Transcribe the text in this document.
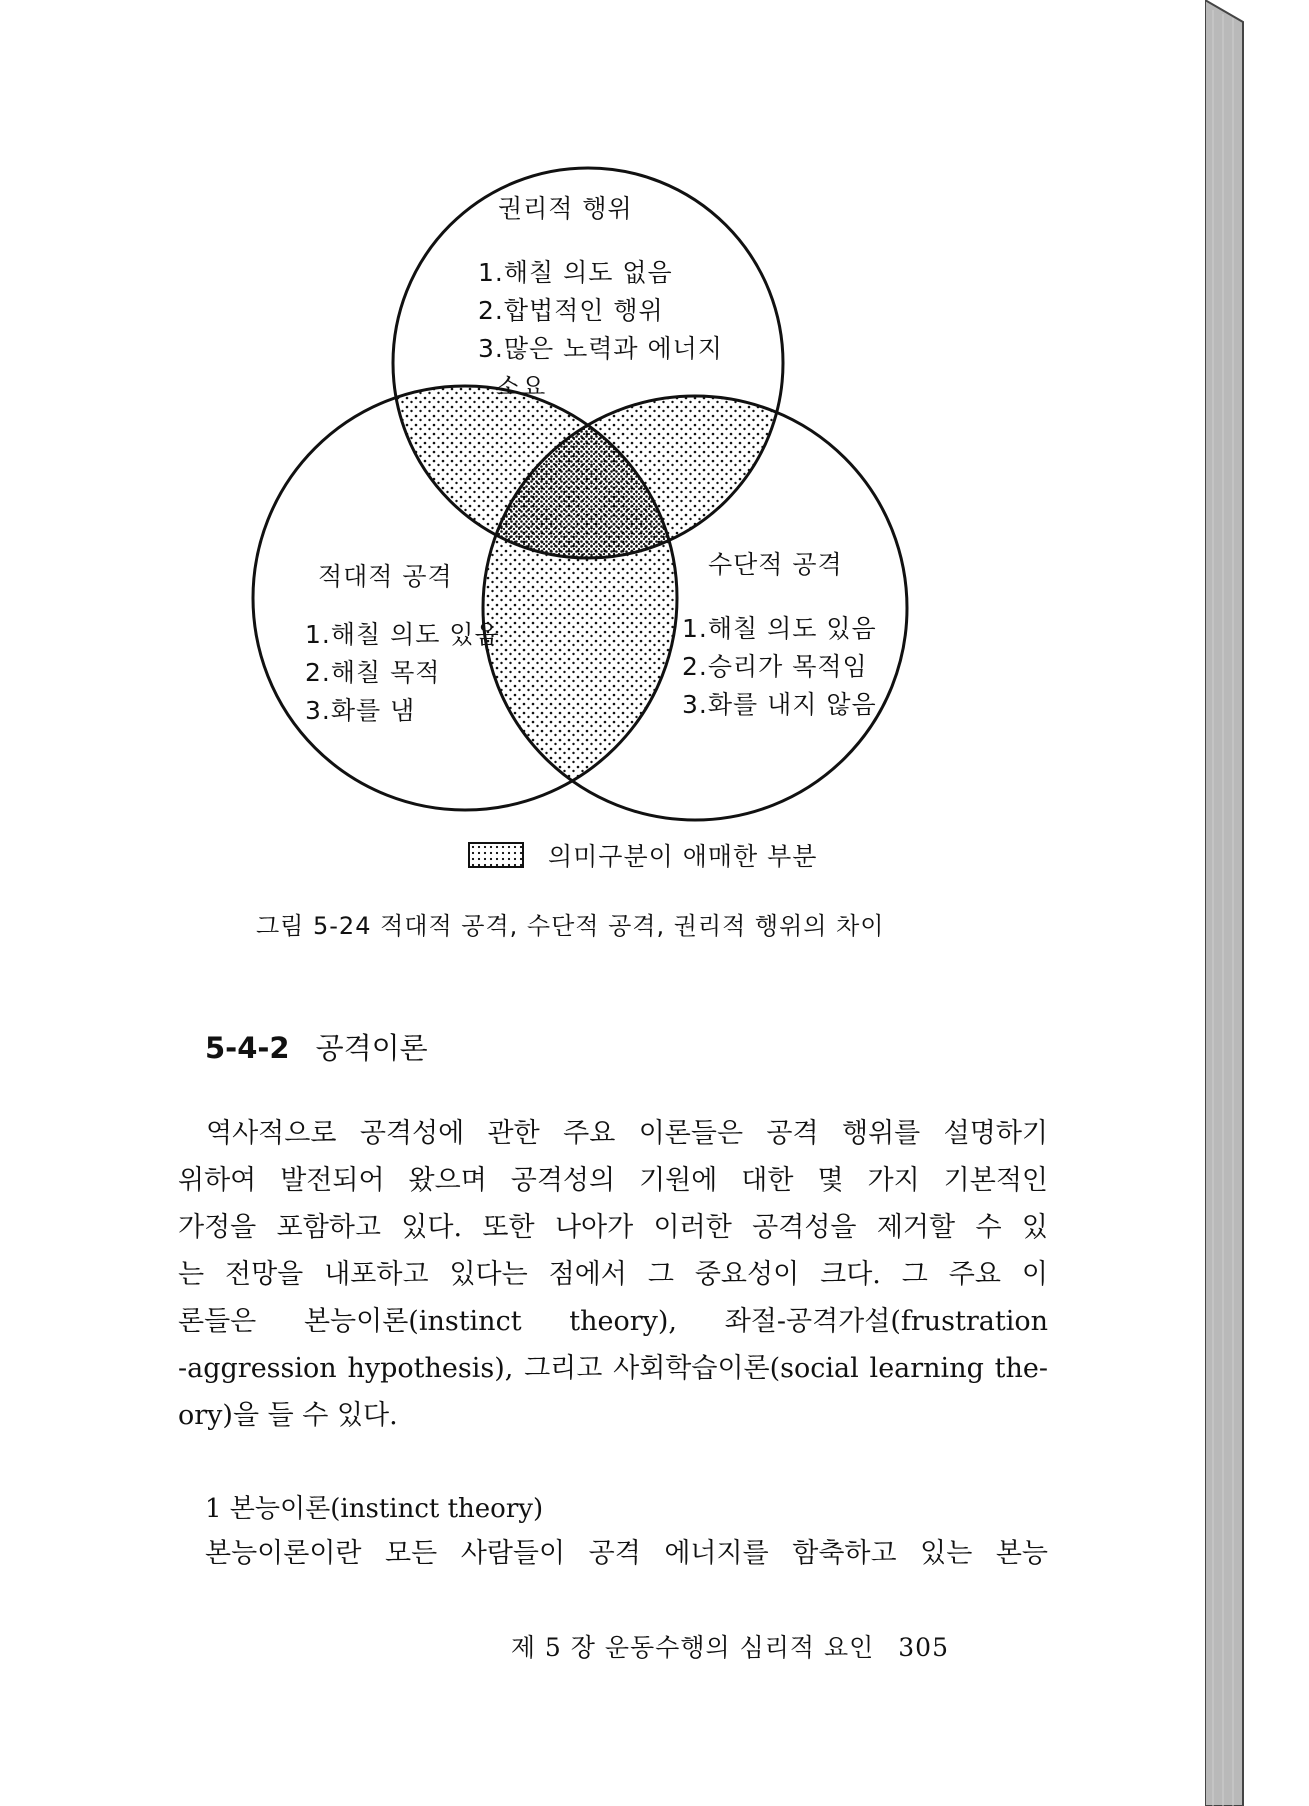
권리적 행위
1.해칠 의도 없음
2.합법적인 행위
3.많은 노력과 에너지
소요
적대적 공격
1.해칠 의도 있음
2.해칠 목적
3.화를 냄
수단적 공격
1.해칠 의도 있음
2.승리가 목적임
3.화를 내지 않음
의미구분이 애매한 부분
그림 5-24 적대적 공격, 수단적 공격, 권리적 행위의 차이
5-4-2 공격이론
역사적으로 공격성에 관한 주요 이론들은 공격 행위를 설명하기
위하여 발전되어 왔으며 공격성의 기원에 대한 몇 가지 기본적인
가정을 포함하고 있다. 또한 나아가 이러한 공격성을 제거할 수 있
는 전망을 내포하고 있다는 점에서 그 중요성이 크다. 그 주요 이
론들은 본능이론(instinct theory), 좌절-공격가설(frustration
-aggression hypothesis), 그리고 사회학습이론(social learning the-
ory)을 들 수 있다.
1 본능이론(instinct theory)
본능이론이란 모든 사람들이 공격 에너지를 함축하고 있는 본능
제 5 장 운동수행의 심리적 요인 305
